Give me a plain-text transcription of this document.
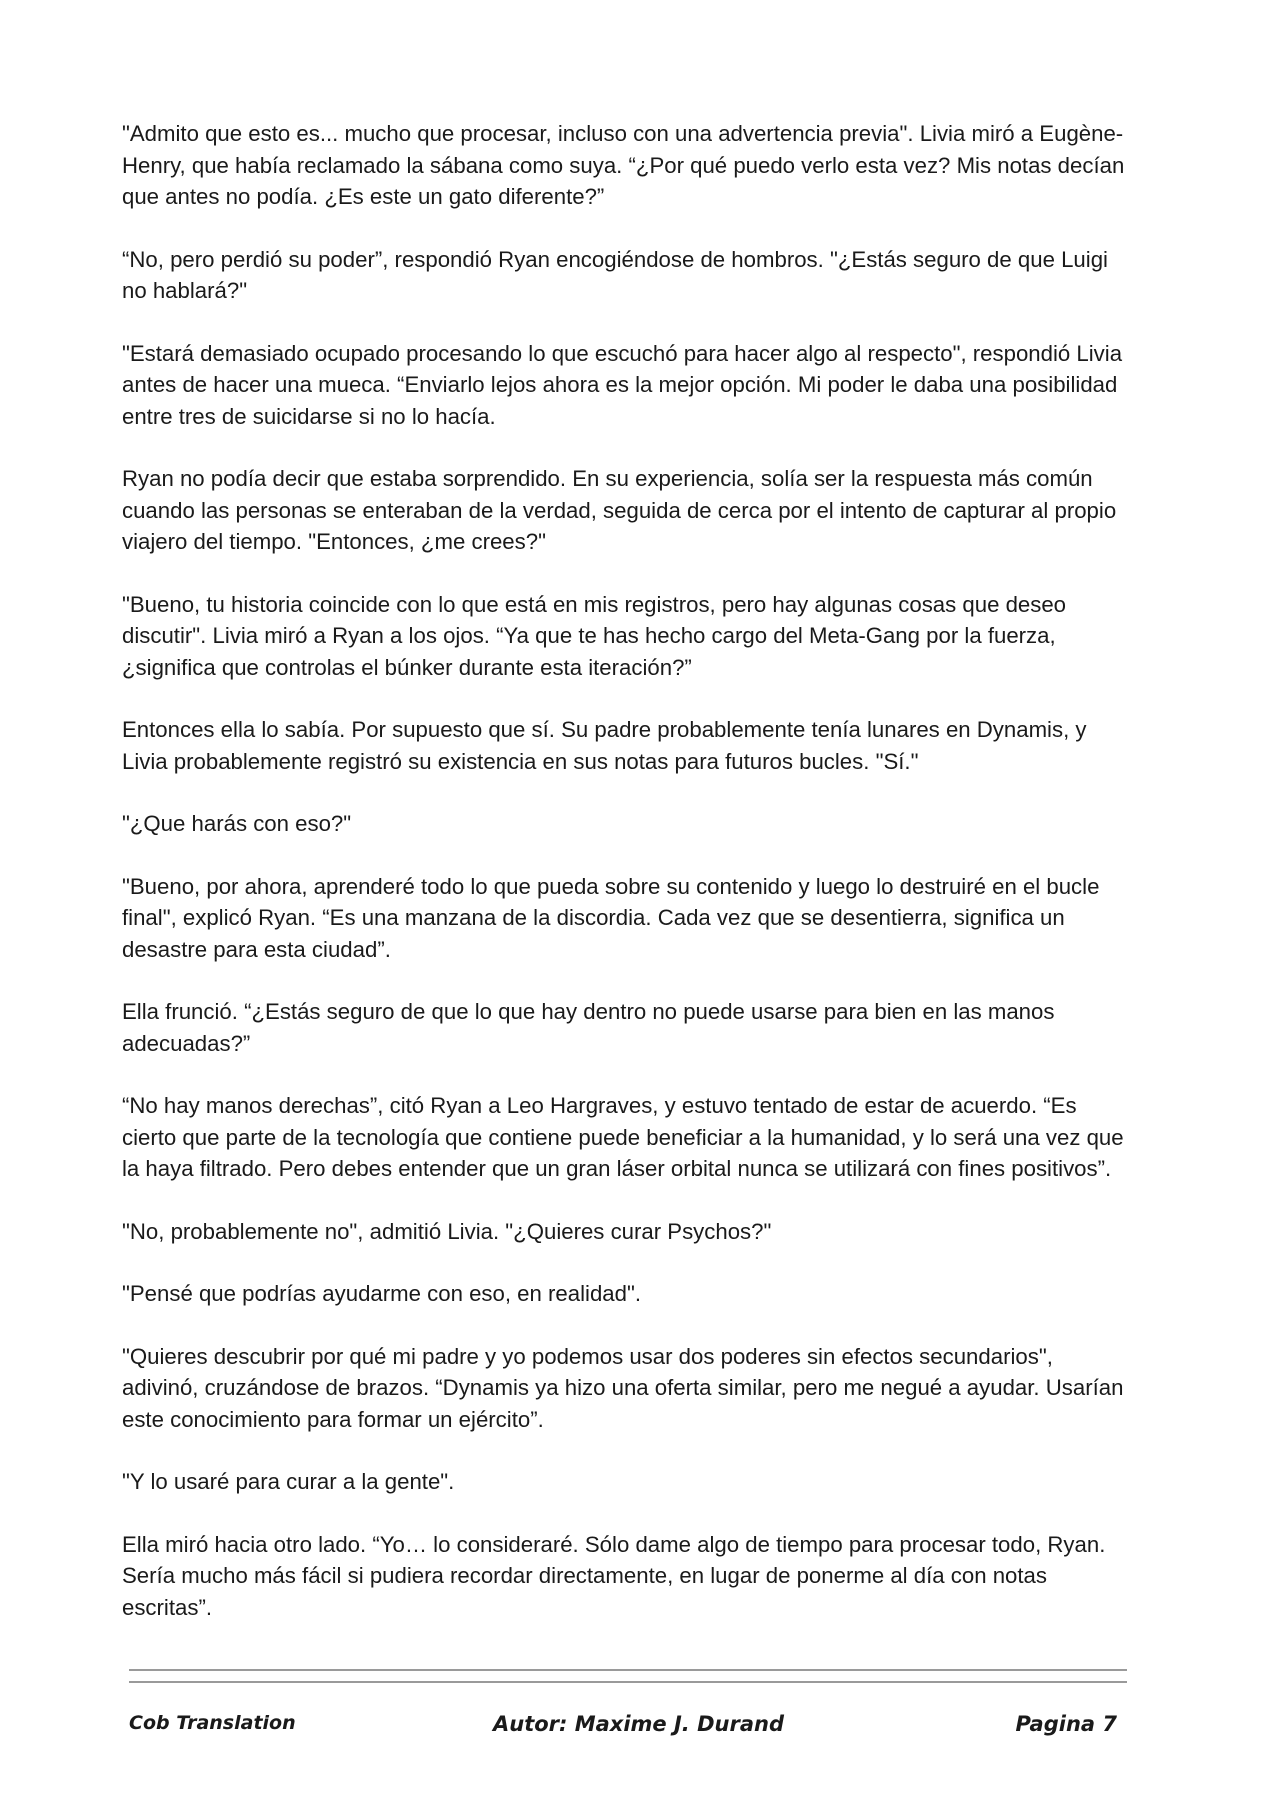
"Admito que esto es... mucho que procesar, incluso con una advertencia previa". Livia miró a Eugène-Henry, que había reclamado la sábana como suya. “¿Por qué puedo verlo esta vez? Mis notas decían que antes no podía. ¿Es este un gato diferente?”

“No, pero perdió su poder”, respondió Ryan encogiéndose de hombros. "¿Estás seguro de que Luigi no hablará?"

"Estará demasiado ocupado procesando lo que escuchó para hacer algo al respecto", respondió Livia antes de hacer una mueca. “Enviarlo lejos ahora es la mejor opción. Mi poder le daba una posibilidad entre tres de suicidarse si no lo hacía.

Ryan no podía decir que estaba sorprendido. En su experiencia, solía ser la respuesta más común cuando las personas se enteraban de la verdad, seguida de cerca por el intento de capturar al propio viajero del tiempo. "Entonces, ¿me crees?"

"Bueno, tu historia coincide con lo que está en mis registros, pero hay algunas cosas que deseo discutir". Livia miró a Ryan a los ojos. “Ya que te has hecho cargo del Meta-Gang por la fuerza, ¿significa que controlas el búnker durante esta iteración?”

Entonces ella lo sabía. Por supuesto que sí. Su padre probablemente tenía lunares en Dynamis, y Livia probablemente registró su existencia en sus notas para futuros bucles. "Sí."

"¿Que harás con eso?"

"Bueno, por ahora, aprenderé todo lo que pueda sobre su contenido y luego lo destruiré en el bucle final", explicó Ryan. “Es una manzana de la discordia. Cada vez que se desentierra, significa un desastre para esta ciudad”.

Ella frunció. “¿Estás seguro de que lo que hay dentro no puede usarse para bien en las manos adecuadas?”

“No hay manos derechas”, citó Ryan a Leo Hargraves, y estuvo tentado de estar de acuerdo. “Es cierto que parte de la tecnología que contiene puede beneficiar a la humanidad, y lo será una vez que la haya filtrado. Pero debes entender que un gran láser orbital nunca se utilizará con fines positivos”.

"No, probablemente no", admitió Livia. "¿Quieres curar Psychos?"

"Pensé que podrías ayudarme con eso, en realidad".

"Quieres descubrir por qué mi padre y yo podemos usar dos poderes sin efectos secundarios", adivinó, cruzándose de brazos. “Dynamis ya hizo una oferta similar, pero me negué a ayudar. Usarían este conocimiento para formar un ejército”.

"Y lo usaré para curar a la gente".

Ella miró hacia otro lado. “Yo… lo consideraré. Sólo dame algo de tiempo para procesar todo, Ryan. Sería mucho más fácil si pudiera recordar directamente, en lugar de ponerme al día con notas escritas”.

Cob Translation	Autor: Maxime J. Durand	Pagina 7
